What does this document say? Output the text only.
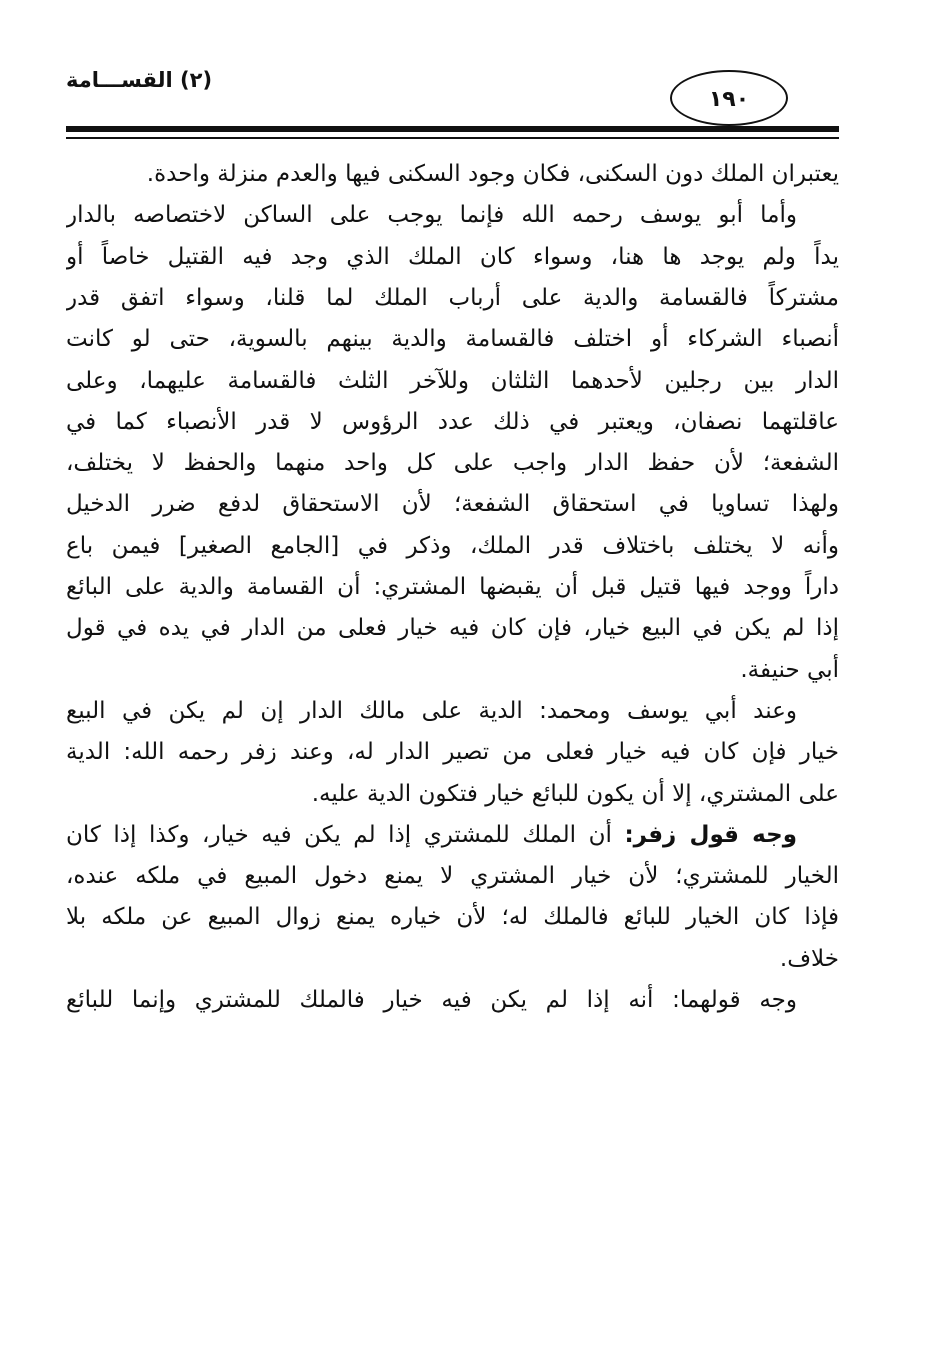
(٢) القســـامة
١٩٠
يعتبران الملك دون السكنى، فكان وجود السكنى فيها والعدم منزلة واحدة.
وأما أبو يوسف رحمه الله فإنما يوجب على الساكن لاختصاصه بالدار
يداً ولم يوجد ها هنا، وسواء كان الملك الذي وجد فيه القتيل خاصاً أو
مشتركاً فالقسامة والدية على أرباب الملك لما قلنا، وسواء اتفق قدر
أنصباء الشركاء أو اختلف فالقسامة والدية بينهم بالسوية، حتى لو كانت
الدار بين رجلين لأحدهما الثلثان وللآخر الثلث فالقسامة عليهما، وعلى
عاقلتهما نصفان، ويعتبر في ذلك عدد الرؤوس لا قدر الأنصباء كما في
الشفعة؛ لأن حفظ الدار واجب على كل واحد منهما والحفظ لا يختلف،
ولهذا تساويا في استحقاق الشفعة؛ لأن الاستحقاق لدفع ضرر الدخيل
وأنه لا يختلف باختلاف قدر الملك، وذكر في [الجامع الصغير] فيمن باع
داراً ووجد فيها قتيل قبل أن يقبضها المشتري: أن القسامة والدية على البائع
إذا لم يكن في البيع خيار، فإن كان فيه خيار فعلى من الدار في يده في قول
أبي حنيفة.
وعند أبي يوسف ومحمد: الدية على مالك الدار إن لم يكن في البيع
خيار فإن كان فيه خيار فعلى من تصير الدار له، وعند زفر رحمه الله: الدية
على المشتري، إلا أن يكون للبائع خيار فتكون الدية عليه.
وجه قول زفر: أن الملك للمشتري إذا لم يكن فيه خيار، وكذا إذا كان
الخيار للمشتري؛ لأن خيار المشتري لا يمنع دخول المبيع في ملكه عنده،
فإذا كان الخيار للبائع فالملك له؛ لأن خياره يمنع زوال المبيع عن ملكه بلا
خلاف.
وجه قولهما: أنه إذا لم يكن فيه خيار فالملك للمشتري وإنما للبائع
